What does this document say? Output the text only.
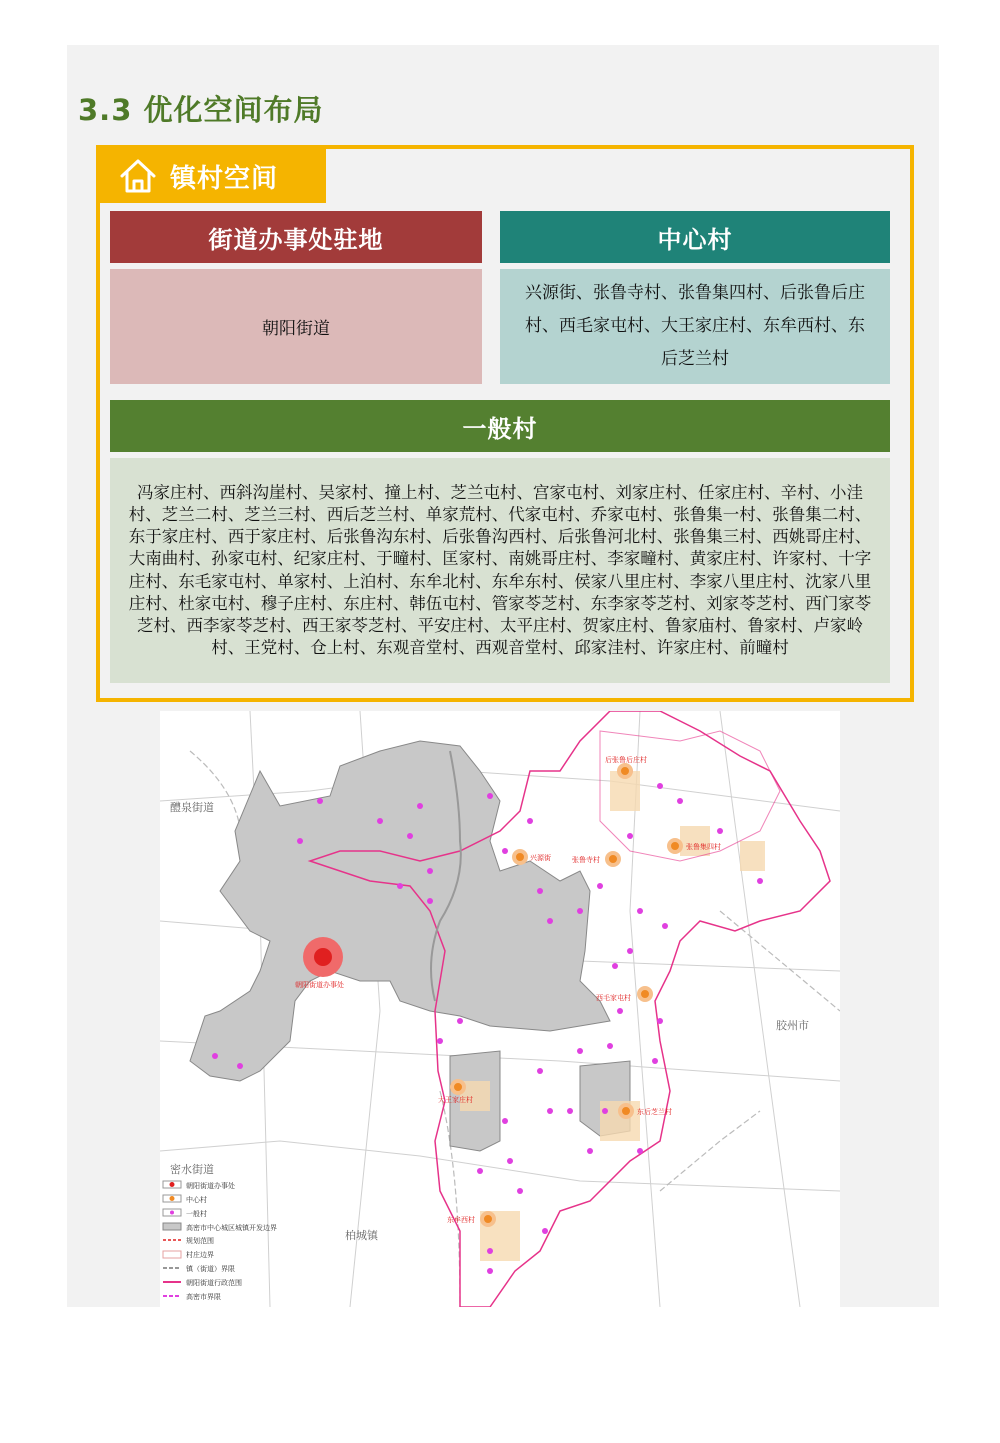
3.3 优化空间布局
镇村空间
街道办事处驻地
朝阳街道
中心村
兴源街、张鲁寺村、张鲁集四村、后张鲁后庄村、西毛家屯村、大王家庄村、东牟西村、东后芝兰村
一般村
冯家庄村、西斜沟崖村、吴家村、撞上村、芝兰屯村、宫家屯村、刘家庄村、任家庄村、辛村、小洼村、芝兰二村、芝兰三村、西后芝兰村、单家荒村、代家屯村、乔家屯村、张鲁集一村、张鲁集二村、东于家庄村、西于家庄村、后张鲁沟东村、后张鲁沟西村、后张鲁河北村、张鲁集三村、西姚哥庄村、大南曲村、孙家屯村、纪家庄村、于疃村、匡家村、南姚哥庄村、李家疃村、黄家庄村、许家村、十字庄村、东毛家屯村、单家村、上泊村、东牟北村、东牟东村、侯家八里庄村、李家八里庄村、沈家八里庄村、杜家屯村、穆子庄村、东庄村、韩伍屯村、管家苓芝村、东李家苓芝村、刘家苓芝村、西门家苓芝村、西李家苓芝村、西王家苓芝村、平安庄村、太平庄村、贺家庄村、鲁家庙村、鲁家村、卢家岭村、王党村、仓上村、东观音堂村、西观音堂村、邱家洼村、许家庄村、前疃村
醴泉街道
密水街道
柏城镇
胶州市
朝阳街道办事处
后张鲁后庄村
兴源街	张鲁寺村
张鲁集四村
西毛家屯村
大王家庄村
东后芝兰村
东牟西村
朝阳街道办事处
中心村
一般村
高密市中心城区城镇开发边界
规划范围
村庄边界
镇（街道）界限
朝阳街道行政范围
高密市界限
